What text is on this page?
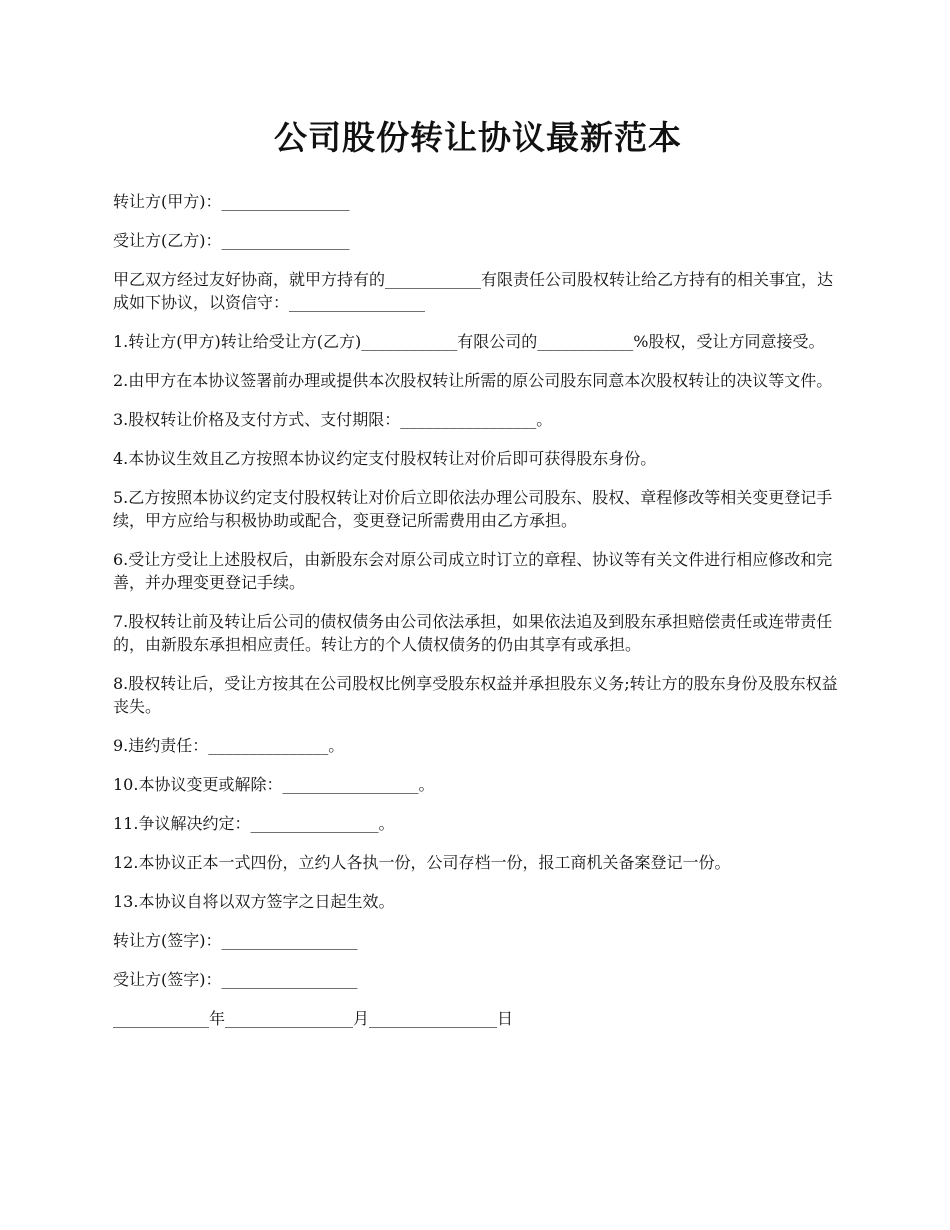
公司股份转让协议最新范本

转让方(甲方)：________________

受让方(乙方)：________________

甲乙双方经过友好协商，就甲方持有的____________有限责任公司股权转让给乙方持有的相关事宜，达成如下协议，以资信守：_________________

1.转让方(甲方)转让给受让方(乙方)____________有限公司的____________%股权，受让方同意接受。

2.由甲方在本协议签署前办理或提供本次股权转让所需的原公司股东同意本次股权转让的决议等文件。

3.股权转让价格及支付方式、支付期限：_________________。

4.本协议生效且乙方按照本协议约定支付股权转让对价后即可获得股东身份。

5.乙方按照本协议约定支付股权转让对价后立即依法办理公司股东、股权、章程修改等相关变更登记手续，甲方应给与积极协助或配合，变更登记所需费用由乙方承担。

6.受让方受让上述股权后，由新股东会对原公司成立时订立的章程、协议等有关文件进行相应修改和完善，并办理变更登记手续。

7.股权转让前及转让后公司的债权债务由公司依法承担，如果依法追及到股东承担赔偿责任或连带责任的，由新股东承担相应责任。转让方的个人债权债务的仍由其享有或承担。

8.股权转让后，受让方按其在公司股权比例享受股东权益并承担股东义务;转让方的股东身份及股东权益丧失。

9.违约责任：_______________。

10.本协议变更或解除：_________________。

11.争议解决约定：________________。

12.本协议正本一式四份，立约人各执一份，公司存档一份，报工商机关备案登记一份。

13.本协议自将以双方签字之日起生效。

转让方(签字)：_________________

受让方(签字)：_________________

____________年________________月________________日
